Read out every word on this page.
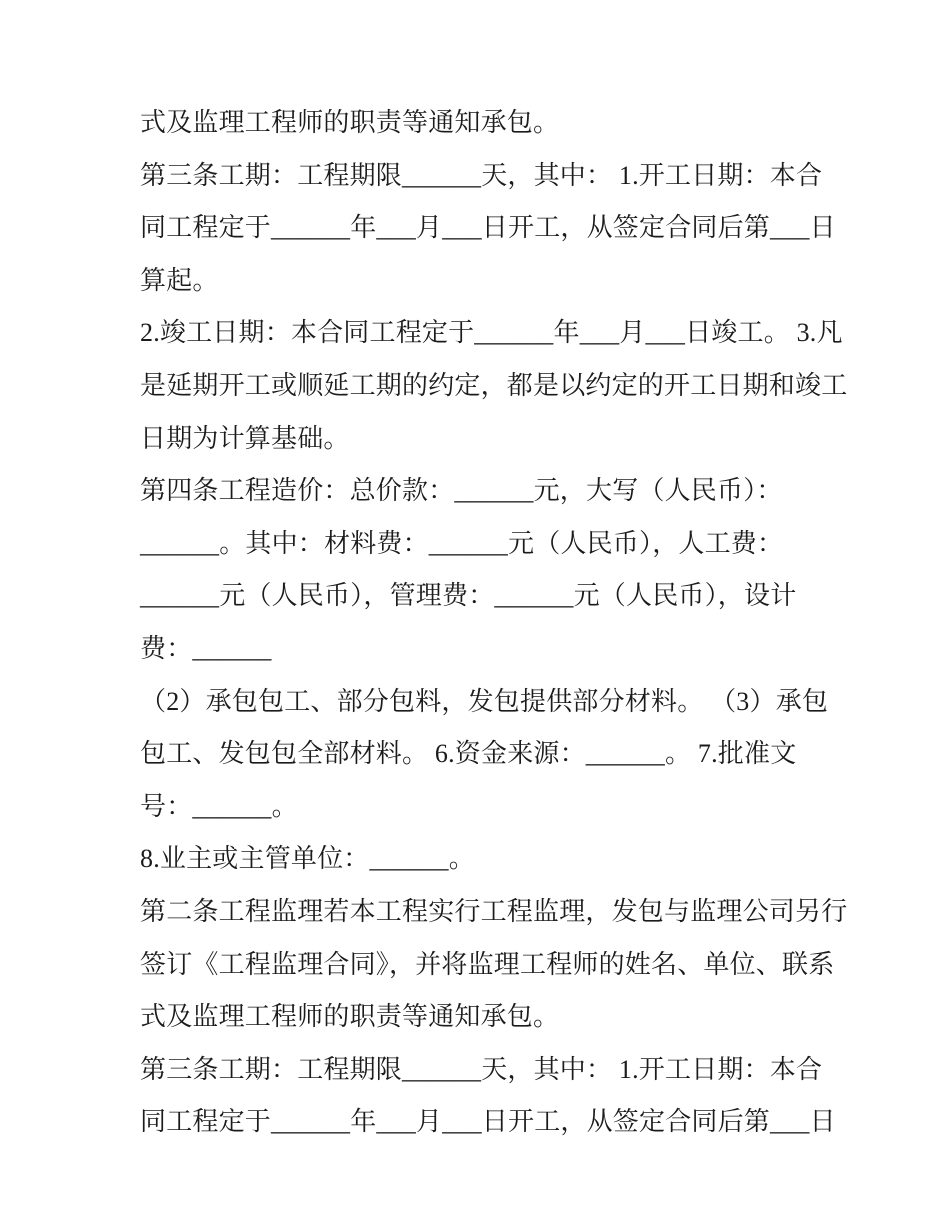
式及监理工程师的职责等通知承包。
第三条工期：工程期限______天，其中： 1.开工日期：本合
同工程定于______年___月___日开工，从签定合同后第___日
算起。
2.竣工日期：本合同工程定于______年___月___日竣工。 3.凡
是延期开工或顺延工期的约定，都是以约定的开工日期和竣工
日期为计算基础。
第四条工程造价：总价款：______元，大写（人民币）：
______。其中：材料费：______元（人民币），人工费：
______元（人民币），管理费：______元（人民币），设计
费：______
（2）承包包工、部分包料，发包提供部分材料。 （3）承包
包工、发包包全部材料。 6.资金来源：______。 7.批准文
号：______。
8.业主或主管单位：______。
第二条工程监理若本工程实行工程监理，发包与监理公司另行
签订《工程监理合同》，并将监理工程师的姓名、单位、联系
式及监理工程师的职责等通知承包。
第三条工期：工程期限______天，其中： 1.开工日期：本合
同工程定于______年___月___日开工，从签定合同后第___日
